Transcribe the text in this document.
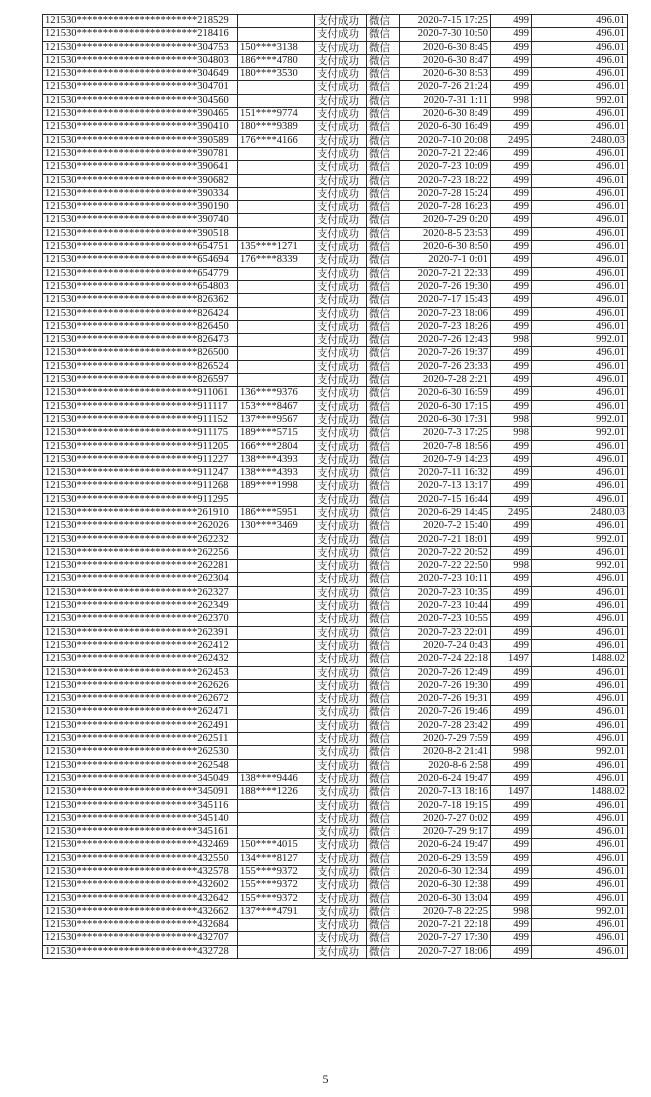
121530***********************218529		支付成功	微信	2020-7-15 17:25	499	496.01
121530***********************218416		支付成功	微信	2020-7-30 10:50	499	496.01
121530***********************304753	150****3138	支付成功	微信	2020-6-30 8:45	499	496.01
121530***********************304803	186****4780	支付成功	微信	2020-6-30 8:47	499	496.01
121530***********************304649	180****3530	支付成功	微信	2020-6-30 8:53	499	496.01
121530***********************304701		支付成功	微信	2020-7-26 21:24	499	496.01
121530***********************304560		支付成功	微信	2020-7-31 1:11	998	992.01
121530***********************390465	151****9774	支付成功	微信	2020-6-30 8:49	499	496.01
121530***********************390410	180****9389	支付成功	微信	2020-6-30 16:49	499	496.01
121530***********************390589	176****4166	支付成功	微信	2020-7-10 20:08	2495	2480.03
121530***********************390781		支付成功	微信	2020-7-21 22:46	499	496.01
121530***********************390641		支付成功	微信	2020-7-23 10:09	499	496.01
121530***********************390682		支付成功	微信	2020-7-23 18:22	499	496.01
121530***********************390334		支付成功	微信	2020-7-28 15:24	499	496.01
121530***********************390190		支付成功	微信	2020-7-28 16:23	499	496.01
121530***********************390740		支付成功	微信	2020-7-29 0:20	499	496.01
121530***********************390518		支付成功	微信	2020-8-5 23:53	499	496.01
121530***********************654751	135****1271	支付成功	微信	2020-6-30 8:50	499	496.01
121530***********************654694	176****8339	支付成功	微信	2020-7-1 0:01	499	496.01
121530***********************654779		支付成功	微信	2020-7-21 22:33	499	496.01
121530***********************654803		支付成功	微信	2020-7-26 19:30	499	496.01
121530***********************826362		支付成功	微信	2020-7-17 15:43	499	496.01
121530***********************826424		支付成功	微信	2020-7-23 18:06	499	496.01
121530***********************826450		支付成功	微信	2020-7-23 18:26	499	496.01
121530***********************826473		支付成功	微信	2020-7-26 12:43	998	992.01
121530***********************826500		支付成功	微信	2020-7-26 19:37	499	496.01
121530***********************826524		支付成功	微信	2020-7-26 23:33	499	496.01
121530***********************826597		支付成功	微信	2020-7-28 2:21	499	496.01
121530***********************911061	136****9376	支付成功	微信	2020-6-30 16:59	499	496.01
121530***********************911117	153****8467	支付成功	微信	2020-6-30 17:15	499	496.01
121530***********************911152	137****9567	支付成功	微信	2020-6-30 17:31	998	992.01
121530***********************911175	189****5715	支付成功	微信	2020-7-3 17:25	998	992.01
121530***********************911205	166****2804	支付成功	微信	2020-7-8 18:56	499	496.01
121530***********************911227	138****4393	支付成功	微信	2020-7-9 14:23	499	496.01
121530***********************911247	138****4393	支付成功	微信	2020-7-11 16:32	499	496.01
121530***********************911268	189****1998	支付成功	微信	2020-7-13 13:17	499	496.01
121530***********************911295		支付成功	微信	2020-7-15 16:44	499	496.01
121530***********************261910	186****5951	支付成功	微信	2020-6-29 14:45	2495	2480.03
121530***********************262026	130****3469	支付成功	微信	2020-7-2 15:40	499	496.01
121530***********************262232		支付成功	微信	2020-7-21 18:01	499	992.01
121530***********************262256		支付成功	微信	2020-7-22 20:52	499	496.01
121530***********************262281		支付成功	微信	2020-7-22 22:50	998	992.01
121530***********************262304		支付成功	微信	2020-7-23 10:11	499	496.01
121530***********************262327		支付成功	微信	2020-7-23 10:35	499	496.01
121530***********************262349		支付成功	微信	2020-7-23 10:44	499	496.01
121530***********************262370		支付成功	微信	2020-7-23 10:55	499	496.01
121530***********************262391		支付成功	微信	2020-7-23 22:01	499	496.01
121530***********************262412		支付成功	微信	2020-7-24 0:43	499	496.01
121530***********************262432		支付成功	微信	2020-7-24 22:18	1497	1488.02
121530***********************262453		支付成功	微信	2020-7-26 12:49	499	496.01
121530***********************262626		支付成功	微信	2020-7-26 19:30	499	496.01
121530***********************262672		支付成功	微信	2020-7-26 19:31	499	496.01
121530***********************262471		支付成功	微信	2020-7-26 19:46	499	496.01
121530***********************262491		支付成功	微信	2020-7-28 23:42	499	496.01
121530***********************262511		支付成功	微信	2020-7-29 7:59	499	496.01
121530***********************262530		支付成功	微信	2020-8-2 21:41	998	992.01
121530***********************262548		支付成功	微信	2020-8-6 2:58	499	496.01
121530***********************345049	138****9446	支付成功	微信	2020-6-24 19:47	499	496.01
121530***********************345091	188****1226	支付成功	微信	2020-7-13 18:16	1497	1488.02
121530***********************345116		支付成功	微信	2020-7-18 19:15	499	496.01
121530***********************345140		支付成功	微信	2020-7-27 0:02	499	496.01
121530***********************345161		支付成功	微信	2020-7-29 9:17	499	496.01
121530***********************432469	150****4015	支付成功	微信	2020-6-24 19:47	499	496.01
121530***********************432550	134****8127	支付成功	微信	2020-6-29 13:59	499	496.01
121530***********************432578	155****9372	支付成功	微信	2020-6-30 12:34	499	496.01
121530***********************432602	155****9372	支付成功	微信	2020-6-30 12:38	499	496.01
121530***********************432642	155****9372	支付成功	微信	2020-6-30 13:04	499	496.01
121530***********************432662	137****4791	支付成功	微信	2020-7-8 22:25	998	992.01
121530***********************432684		支付成功	微信	2020-7-21 22:18	499	496.01
121530***********************432707		支付成功	微信	2020-7-27 17:30	499	496.01
121530***********************432728		支付成功	微信	2020-7-27 18:06	499	496.01
5
